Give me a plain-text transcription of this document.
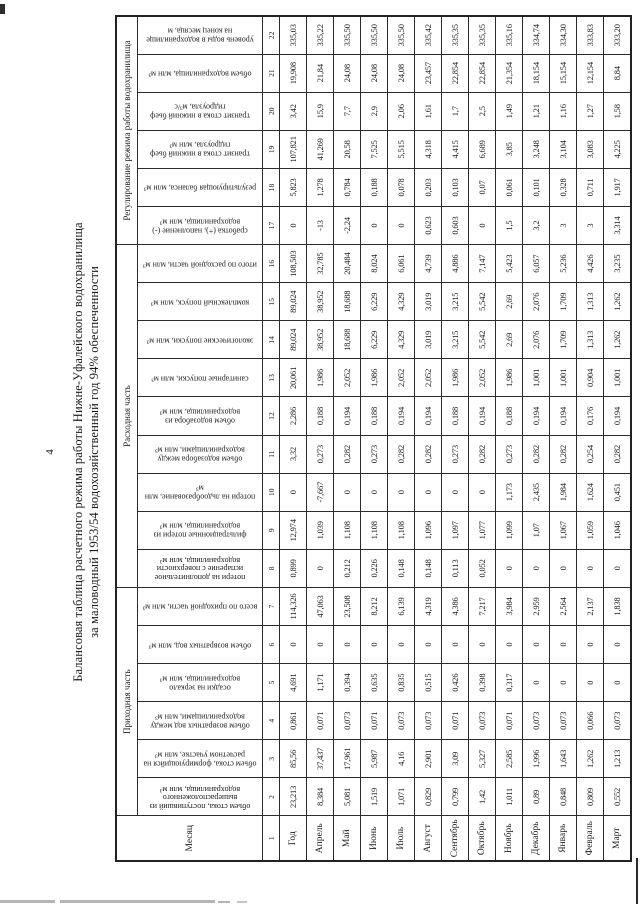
4 Балансовая таблица расчетного режима работы Нижне-Уфалейского водохранилища за маловодный 1953/54 водохозяйственный год 94% обеспеченности
Месяц	Приходная часть						Расходная часть									Регулирование режима работы водохранилища					

	объем стока, поступивший из вышерасположенного водохранилища, млн м³	объем стока, формирующийся на расчетном участке, млн м³	объем возвратных вод между водохранилищами, млн м³	осадки на зеркало водохранилища, млн м³	объем возвратных вод, млн м³	всего по приходной части, млн м³	потери на дополнительное испарение с поверхности водохранилища, млн м³	фильтрационные потери из водохранилища, млн м³	потери на льдообразование, млн м³	объем водозабора между водохранилищами, млн м³	объем водозабора из водохранилища, млн м³	санитарные попуски, млн м³	экологические попуски, млн м³	комплексный попуск, млн м³	итого по расходной части, млн м³	сработка (+), наполнение (-) водохранилища, млн м³	результирующая баланса, млн м³	транзит стока в нижний бьеф гидроузла, млн м³	транзит стока в нижний бьеф гидроузла, м³/с	объем водохранилища, млн м³	уровень воды в водохранилище на конец месяца, м

1	2	3	4	5	6	7	8	9	10	11	12	13	14	15	16	17	18	19	20	21	22
Год	23,213	85,56	0,861	4,691	0	114,326	0,899	12,974	0	3,32	2,286	20,061	89,024	89,024	108,503	0	5,823	107,821	3,42	19,908	335,03
Апрель	8,384	37,437	0,071	1,171	0	47,063	0	1,039	-7,667	0,273	0,188	1,986	38,952	38,952	32,785	-13	1,278	41,269	15,9	21,84	335,22
Май	5,081	17,961	0,073	0,394	0	23,508	0,212	1,108	0	0,282	0,194	2,052	18,688	18,688	20,484	-2,24	0,784	20,58	7,7	24,08	335,50
Июнь	1,519	5,987	0,071	0,635	0	8,212	0,226	1,108	0	0,273	0,188	1,986	6,229	6,229	8,024	0	0,188	7,525	2,9	24,08	335,50
Июль	1,071	4,16	0,073	0,835	0	6,139	0,148	1,108	0	0,282	0,194	2,052	4,329	4,329	6,061	0	0,078	5,515	2,06	24,08	335,50
Август	0,829	2,901	0,073	0,515	0	4,319	0,148	1,096	0	0,282	0,194	2,052	3,019	3,019	4,739	0,623	0,203	4,318	1,61	23,457	335,42
Сентябрь	0,799	3,09	0,071	0,426	0	4,386	0,113	1,097	0	0,273	0,188	1,986	3,215	3,215	4,886	0,603	0,103	4,415	1,7	22,854	335,35
Октябрь	1,42	5,327	0,073	0,398	0	7,217	0,052	1,077	0	0,282	0,194	2,052	5,542	5,542	7,147	0	0,07	6,689	2,5	22,854	335,35
Ноябрь	1,011	2,585	0,071	0,317	0	3,984	0	1,099	1,173	0,273	0,188	1,986	2,69	2,69	5,423	1,5	0,061	3,85	1,49	21,354	335,16
Декабрь	0,89	1,996	0,073	0	0	2,959	0	1,07	2,435	0,282	0,194	1,001	2,076	2,076	6,057	3,2	0,101	3,248	1,21	18,154	334,74
Январь	0,848	1,643	0,073	0	0	2,564	0	1,067	1,984	0,282	0,194	1,001	1,709	1,709	5,236	3	0,328	3,104	1,16	15,154	334,30
Февраль	0,809	1,262	0,066	0	0	2,137	0	1,059	1,624	0,254	0,176	0,904	1,313	1,313	4,426	3	0,711	3,083	1,27	12,154	333,83
Март	0,552	1,213	0,073	0	0	1,838	0	1,046	0,451	0,282	0,194	1,001	1,262	1,262	3,235	3,314	1,917	4,225	1,58	8,84	333,20
